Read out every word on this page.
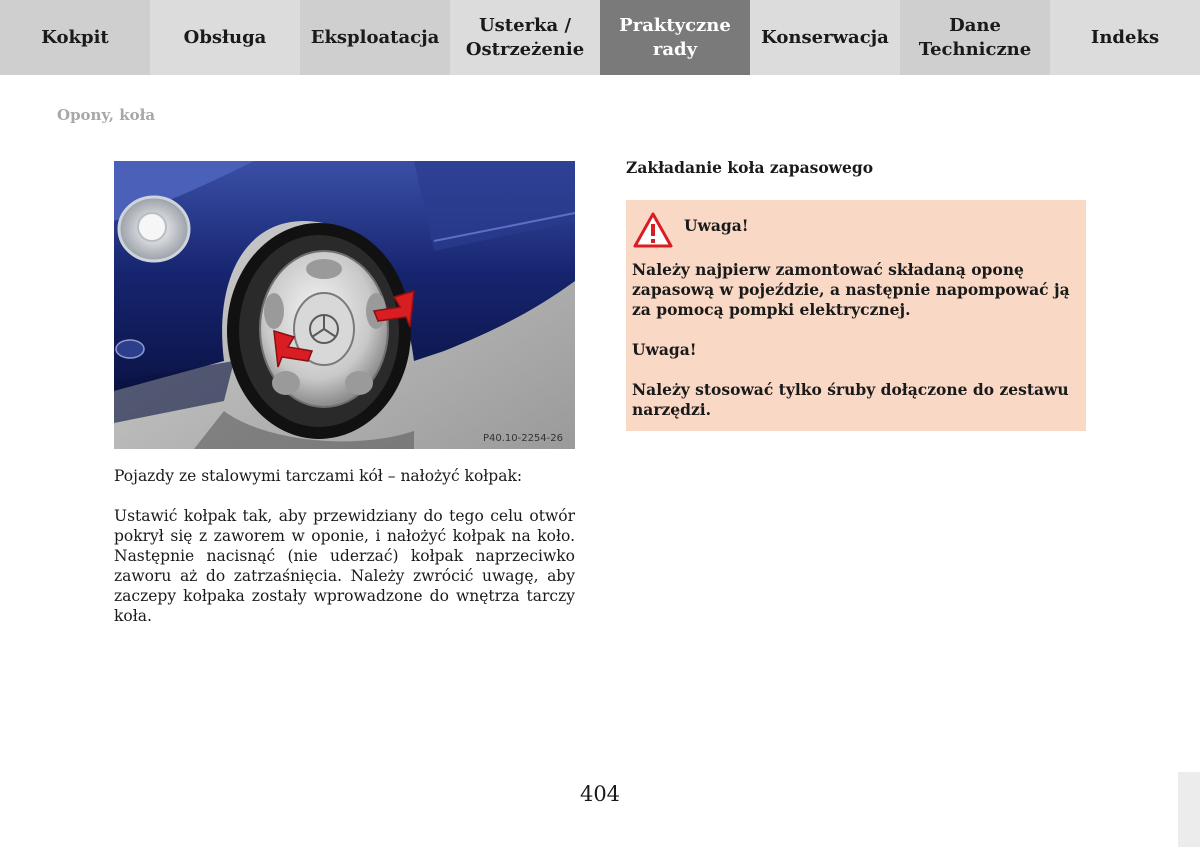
Kokpit	Obsługa	Eksploatacja
Usterka /
Ostrzeżenie
Praktyczne
rady
Konserwacja
Dane
Techniczne
Indeks
Opony, koła
P40.10-2254-26

Pojazdy ze stalowymi tarczami kół – nałożyć kołpak:

Ustawić kołpak tak, aby przewidziany do tego celu otwór pokrył się z zaworem w oponie, i nałożyć kołpak na koło. Następnie nacisnąć (nie uderzać) kołpak naprzeciwko zaworu aż do zatrzaśnięcia. Należy zwrócić uwagę, aby zaczepy kołpaka zostały wprowadzone do wnętrza tarczy koła.

Zakładanie koła zapasowego
Uwaga!

Należy najpierw zamontować składaną oponę zapasową w pojeździe, a następnie napompować ją za pomocą pompki elektrycznej.

Uwaga!

Należy stosować tylko śruby dołączone do zestawu narzędzi.

404
